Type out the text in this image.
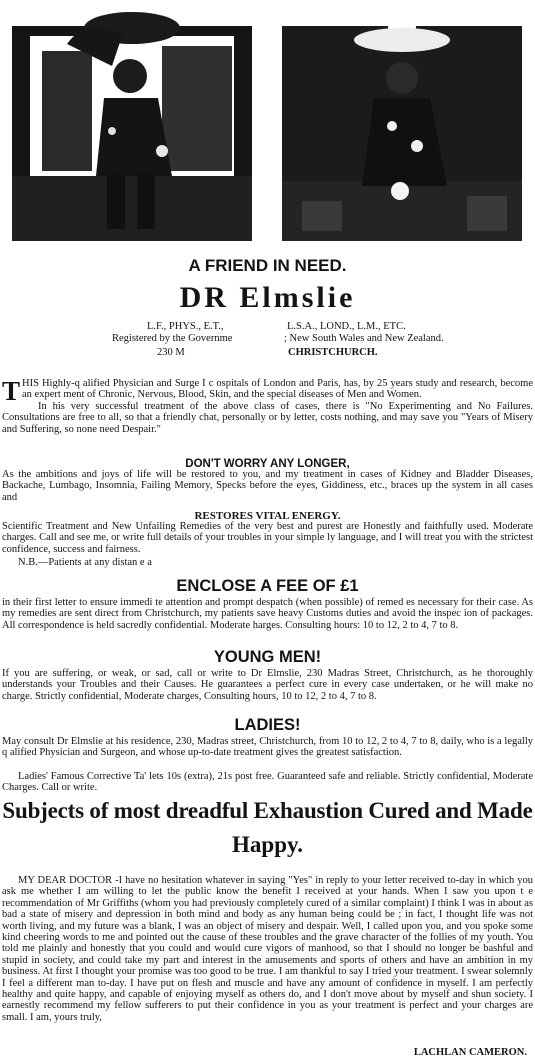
A FRIEND IN NEED.
DR Elmslie
L.F., PHYS., E.T.,
Registered by the Governme
230 M
L.S.A., LOND., L.M., ETC.
; New South Wales and New Zealand.
CHRISTCHURCH.

THIS Highly-q alified Physician and Surge I c ospitals of London and Paris, has, by 25 years study and research, become an expert ment of Chronic, Nervous, Blood, Skin, and the special diseases of Men and Women.

In his very successful treatment of the above class of cases, there is "No Experimenting and No Failures. Consultations are free to all, so that a friendly chat, personally or by letter, costs nothing, and may save you "Years of Misery and Suffering, so none need Despair."

DON'T WORRY ANY LONGER,
As the ambitions and joys of life will be restored to you, and my treatment in cases of Kidney and Bladder Diseases, Backache, Lumbago, Insomnia, Failing Memory, Specks before the eyes, Giddiness, etc., braces up the system in all cases and
RESTORES VITAL ENERGY.
Scientific Treatment and New Unfailing Remedies of the very best and purest are Honestly and faithfully used. Moderate charges. Call and see me, or write full details of your troubles in your simple ly language, and I will treat you with the strictest confidence, success and fairness.
N.B.—Patients at any distan e a
ENCLOSE A FEE OF £1
in their first letter to ensure immedi te attention and prompt despatch (when possible) of remed es necessary for their case. As my remedies are sent direct from Christchurch, my patients save heavy Customs duties and avoid the inspec ion of packages. All correspondence is held sacredly confidential. Moderate harges. Consulting hours: 10 to 12, 2 to 4, 7 to 8.
YOUNG MEN!
If you are suffering, or weak, or sad, call or write to Dr Elmslie, 230 Madras Street, Christchurch, as he thoroughly understands your Troubles and their Causes. He guarantees a perfect cure in every case undertaken, or he will make no charge. Strictly confidential, Moderate charges, Consulting hours, 10 to 12, 2 to 4, 7 to 8.
LADIES!
May consult Dr Elmslie at his residence, 230, Madras street, Christchurch, from 10 to 12, 2 to 4, 7 to 8, daily, who is a legally q alified Physician and Surgeon, and whose up-to-date treatment gives the greatest satisfaction.
Ladies' Famous Corrective Ta' lets 10s (extra), 21s post free. Guaranteed safe and reliable. Strictly confidential, Moderate Charges. Call or write.
Subjects of most dreadful Exhaustion Cured and Made
Happy.
MY DEAR DOCTOR -I have no hesitation whatever in saying "Yes" in reply to your letter received to-day in which you ask me whether I am willing to let the public know the benefit I received at your hands. When I saw you upon t e recommendation of Mr Griffiths (whom you had previously completely cured of a similar complaint) I think I was in about as bad a state of misery and depression in both mind and body as any human being could be ; in fact, I thought life was not worth living, and my future was a blank, I was an object of misery and despair. Well, I called upon you, and you spoke some kind cheering words to me and pointed out the cause of these troubles and the grave character of the follies of my youth. You told me plainly and honestly that you could and would cure vigors of manhood, so that I should no longer be bashful and stupid in society, and could take my part and interest in the amusements and sports of others and have an ambition in my business. At first I thought your promise was too good to be true. I am thankful to say I tried your treatment. I swear solemnly I feel a different man to-day. I have put on flesh and muscle and have any amount of confidence in myself. I am perfectly healthy and quite happy, and capable of enjoying myself as others do, and I don't move about by myself and shun society. I earnestly recommend my fellow sufferers to put their confidence in you as your treatment is perfect and your charges are small. I am, yours truly,
LACHLAN CAMERON.
